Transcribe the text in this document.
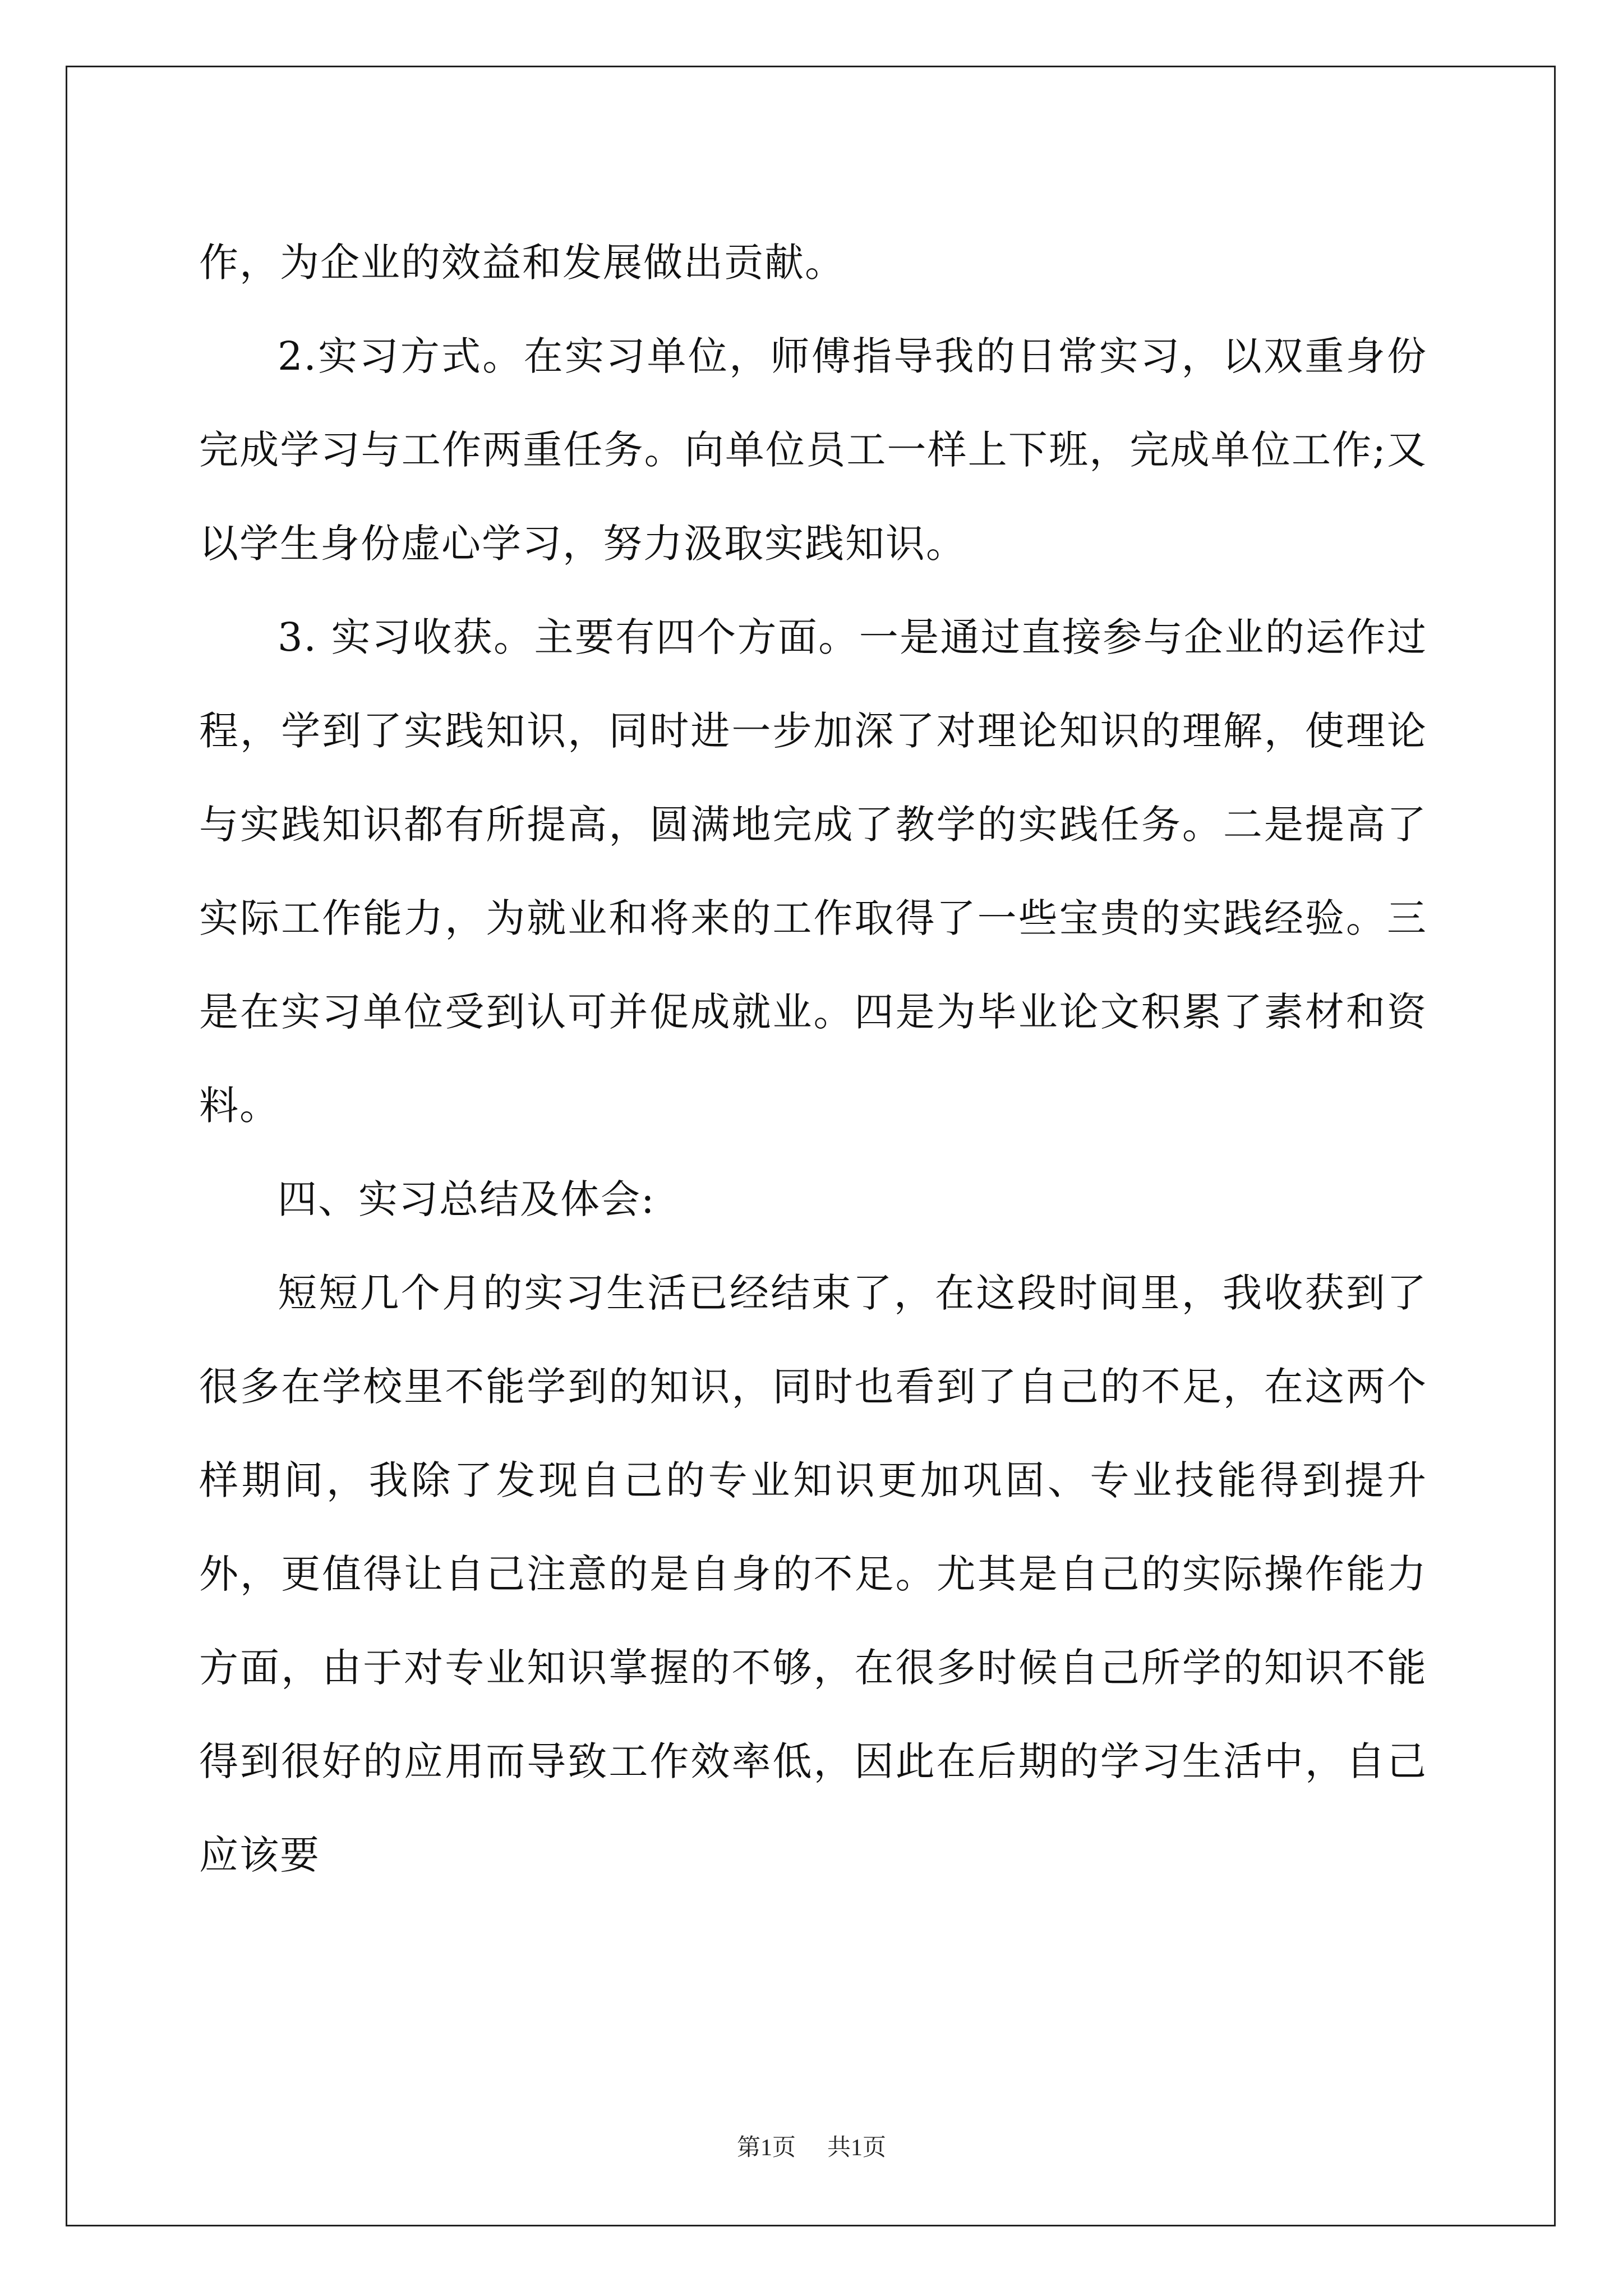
作，为企业的效益和发展做出贡献。

2.实习方式。在实习单位，师傅指导我的日常实习，以双重身份完成学习与工作两重任务。向单位员工一样上下班，完成单位工作;又以学生身份虚心学习，努力汲取实践知识。

3. 实习收获。主要有四个方面。一是通过直接参与企业的运作过程，学到了实践知识，同时进一步加深了对理论知识的理解，使理论与实践知识都有所提高，圆满地完成了教学的实践任务。二是提高了实际工作能力，为就业和将来的工作取得了一些宝贵的实践经验。三是在实习单位受到认可并促成就业。四是为毕业论文积累了素材和资料。

四、实习总结及体会:

短短几个月的实习生活已经结束了，在这段时间里，我收获到了很多在学校里不能学到的知识，同时也看到了自己的不足，在这两个样期间，我除了发现自己的专业知识更加巩固、专业技能得到提升外，更值得让自己注意的是自身的不足。尤其是自己的实际操作能力方面，由于对专业知识掌握的不够，在很多时候自己所学的知识不能得到很好的应用而导致工作效率低，因此在后期的学习生活中，自己应该要

第1页 共1页
